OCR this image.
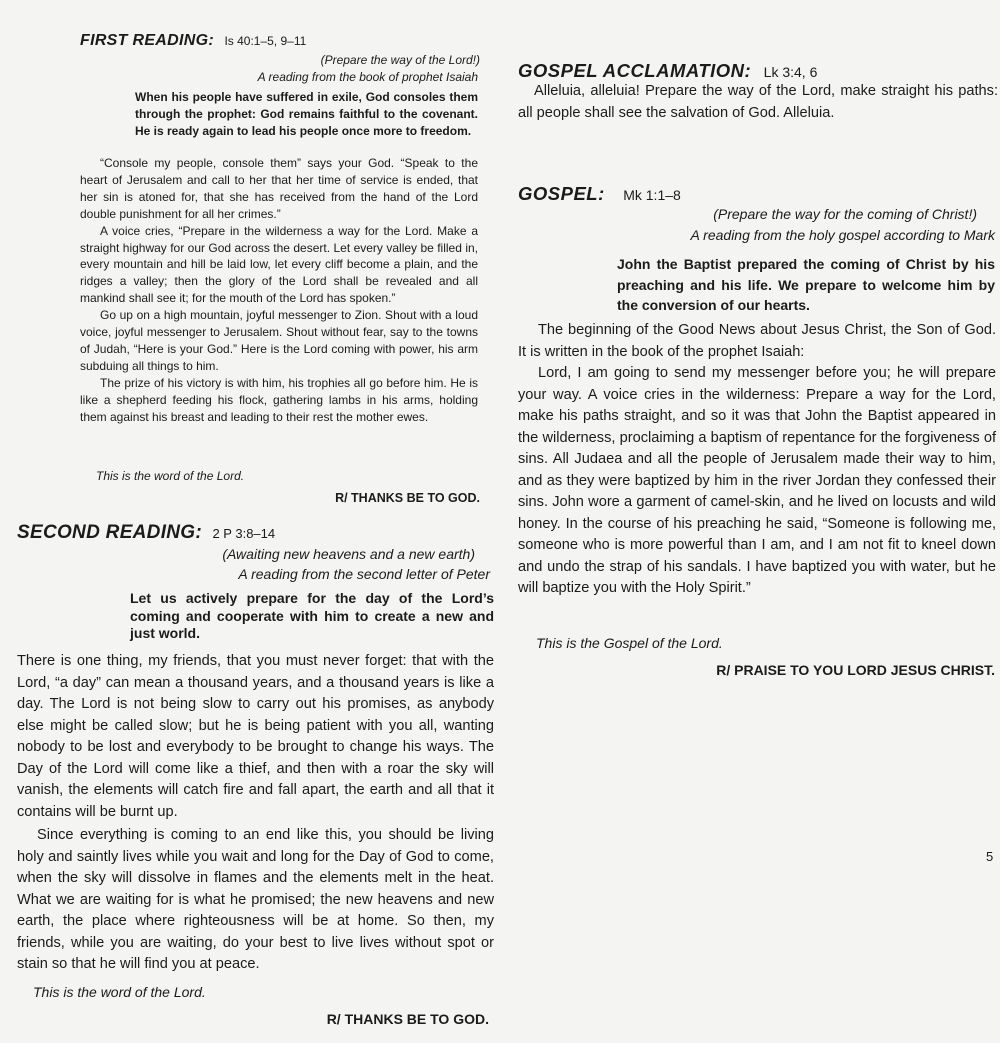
FIRST READING: Is 40:1–5, 9–11

(Prepare the way of the Lord!)

A reading from the book of prophet Isaiah

When his people have suffered in exile, God consoles them through the prophet: God remains faithful to the covenant. He is ready again to lead his people once more to freedom.

“Console my people, console them” says your God. “Speak to the heart of Jerusalem and call to her that her time of service is ended, that her sin is atoned for, that she has received from the hand of the Lord double punishment for all her crimes.”

A voice cries, “Prepare in the wilderness a way for the Lord. Make a straight highway for our God across the desert. Let every valley be filled in, every mountain and hill be laid low, let every cliff become a plain, and the ridges a valley; then the glory of the Lord shall be revealed and all mankind shall see it; for the mouth of the Lord has spoken.”

Go up on a high mountain, joyful messenger to Zion. Shout with a loud voice, joyful messenger to Jerusalem. Shout without fear, say to the towns of Judah, “Here is your God.” Here is the Lord coming with power, his arm subduing all things to him.

The prize of his victory is with him, his trophies all go before him. He is like a shepherd feeding his flock, gathering lambs in his arms, holding them against his breast and leading to their rest the mother ewes.

This is the word of the Lord.

R/ THANKS BE TO GOD.

SECOND READING: 2 P 3:8–14

(Awaiting new heavens and a new earth)

A reading from the second letter of Peter

Let us actively prepare for the day of the Lord’s coming and cooperate with him to create a new and just world.

There is one thing, my friends, that you must never forget: that with the Lord, “a day” can mean a thousand years, and a thousand years is like a day. The Lord is not being slow to carry out his promises, as anybody else might be called slow; but he is being patient with you all, wanting nobody to be lost and everybody to be brought to change his ways. The Day of the Lord will come like a thief, and then with a roar the sky will vanish, the elements will catch fire and fall apart, the earth and all that it contains will be burnt up.

Since everything is coming to an end like this, you should be living holy and saintly lives while you wait and long for the Day of God to come, when the sky will dissolve in flames and the elements melt in the heat. What we are waiting for is what he promised; the new heavens and new earth, the place where righteousness will be at home. So then, my friends, while you are waiting, do your best to live lives without spot or stain so that he will find you at peace.

This is the word of the Lord.

R/ THANKS BE TO GOD.

GOSPEL ACCLAMATION: Lk 3:4, 6

Alleluia, alleluia! Prepare the way of the Lord, make straight his paths: all people shall see the salvation of God. Alleluia.

GOSPEL: Mk 1:1–8

(Prepare the way for the coming of Christ!)

A reading from the holy gospel according to Mark

John the Baptist prepared the coming of Christ by his preaching and his life. We prepare to welcome him by the conversion of our hearts.

The beginning of the Good News about Jesus Christ, the Son of God. It is written in the book of the prophet Isaiah:

Lord, I am going to send my messenger before you; he will prepare your way. A voice cries in the wilderness: Prepare a way for the Lord, make his paths straight, and so it was that John the Baptist appeared in the wilderness, proclaiming a baptism of repentance for the forgiveness of sins. All Judaea and all the people of Jerusalem made their way to him, and as they were baptized by him in the river Jordan they confessed their sins. John wore a garment of camel-skin, and he lived on locusts and wild honey. In the course of his preaching he said, “Someone is following me, someone who is more powerful than I am, and I am not fit to kneel down and undo the strap of his sandals. I have baptized you with water, but he will baptize you with the Holy Spirit.”

This is the Gospel of the Lord.

R/ PRAISE TO YOU LORD JESUS CHRIST.

5
